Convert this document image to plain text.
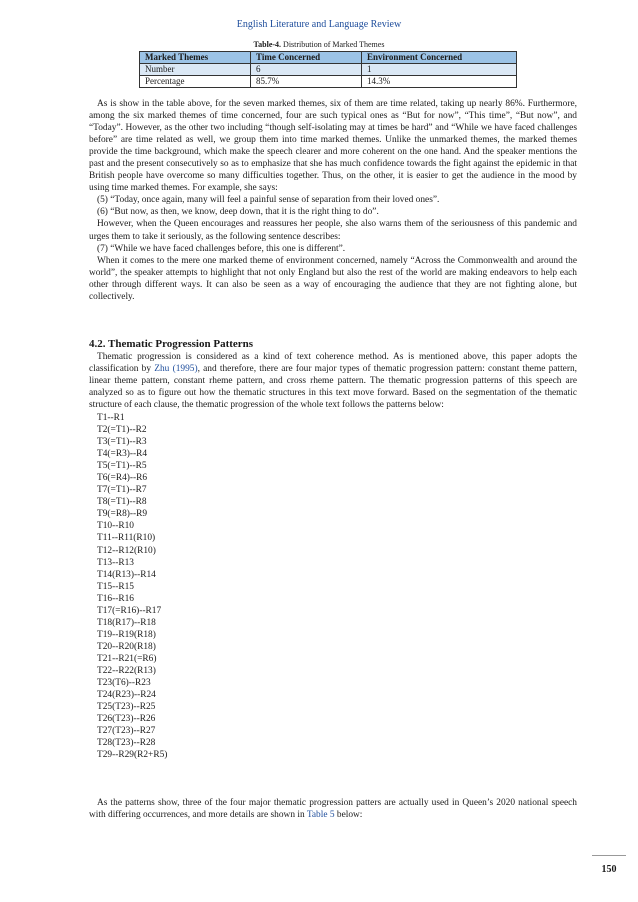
English Literature and Language Review
Table-4. Distribution of Marked Themes
Marked Themes	Time Concerned	Environment Concerned
Number	6	1
Percentage	85.7%	14.3%

As is show in the table above, for the seven marked themes, six of them are time related, taking up nearly 86%. Furthermore, among the six marked themes of time concerned, four are such typical ones as “But for now”, “This time”, “But now”, and “Today”. However, as the other two including “though self-isolating may at times be hard” and “While we have faced challenges before” are time related as well, we group them into time marked themes. Unlike the unmarked themes, the marked themes provide the time background, which make the speech clearer and more coherent on the one hand. And the speaker mentions the past and the present consecutively so as to emphasize that she has much confidence towards the fight against the epidemic in that British people have overcome so many difficulties together. Thus, on the other, it is easier to get the audience in the mood by using time marked themes. For example, she says:

(5) “Today, once again, many will feel a painful sense of separation from their loved ones”.

(6) “But now, as then, we know, deep down, that it is the right thing to do”.

However, when the Queen encourages and reassures her people, she also warns them of the seriousness of this pandemic and urges them to take it seriously, as the following sentence describes:

(7) “While we have faced challenges before, this one is different”.

When it comes to the mere one marked theme of environment concerned, namely “Across the Commonwealth and around the world”, the speaker attempts to highlight that not only England but also the rest of the world are making endeavors to help each other through different ways. It can also be seen as a way of encouraging the audience that they are not fighting alone, but collectively.

4.2. Thematic Progression Patterns

Thematic progression is considered as a kind of text coherence method. As is mentioned above, this paper adopts the classification by Zhu (1995), and therefore, there are four major types of thematic progression pattern: constant theme pattern, linear theme pattern, constant rheme pattern, and cross rheme pattern. The thematic progression patterns of this speech are analyzed so as to figure out how the thematic structures in this text move forward. Based on the segmentation of the thematic structure of each clause, the thematic progression of the whole text follows the patterns below:

T1--R1
T2(=T1)--R2
T3(=T1)--R3
T4(=R3)--R4
T5(=T1)--R5
T6(=R4)--R6
T7(=T1)--R7
T8(=T1)--R8
T9(=R8)--R9
T10--R10
T11--R11(R10)
T12--R12(R10)
T13--R13
T14(R13)--R14
T15--R15
T16--R16
T17(=R16)--R17
T18(R17)--R18
T19--R19(R18)
T20--R20(R18)
T21--R21(=R6)
T22--R22(R13)
T23(T6)--R23
T24(R23)--R24
T25(T23)--R25
T26(T23)--R26
T27(T23)--R27
T28(T23)--R28
T29--R29(R2+R5)

As the patterns show, three of the four major thematic progression patters are actually used in Queen’s 2020 national speech with differing occurrences, and more details are shown in Table 5 below:

150
